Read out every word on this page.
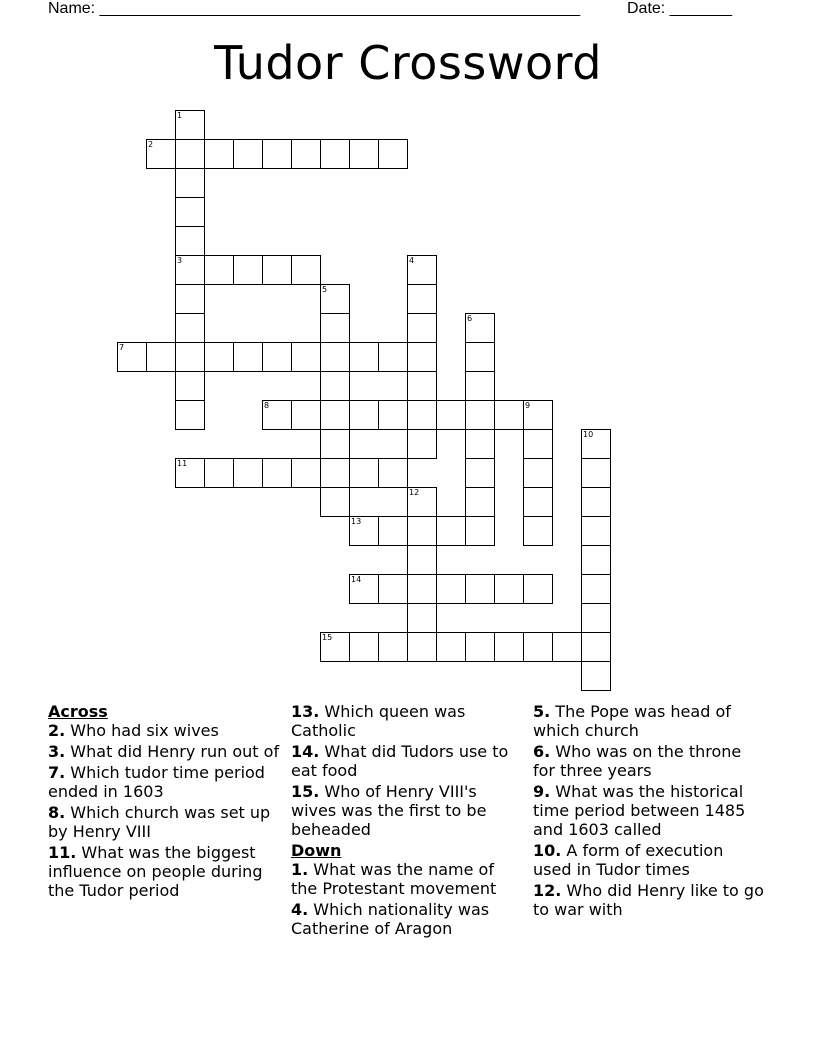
Name: ______________________________________________________	Date: _______
Tudor Crossword
1
3
2
4
5
6
7
8	9
10
11
12
13
14
15
Across
2. Who had six wives
3. What did Henry run out of
7. Which tudor time period ended in 1603
8. Which church was set up by Henry VIII
11. What was the biggest influence on people during the Tudor period
13. Which queen was Catholic
14. What did Tudors use to eat food
15. Who of Henry VIII's wives was the first to be beheaded
Down
1. What was the name of the Protestant movement
4. Which nationality was Catherine of Aragon
5. The Pope was head of which church
6. Who was on the throne for three years
9. What was the historical time period between 1485 and 1603 called
10. A form of execution used in Tudor times
12. Who did Henry like to go to war with
